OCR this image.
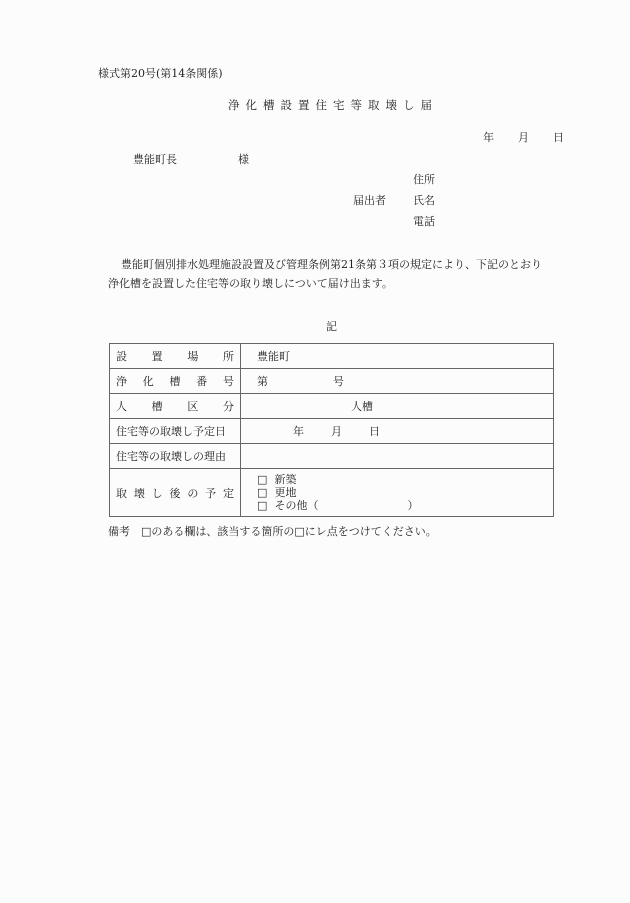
様式第20号(第14条関係)
浄化槽設置住宅等取壊し届
年 月 日
豊能町長	様
住所
届出者 氏名
電話
豊能町個別排水処理施設設置及び管理条例第21条第３項の規定により、下記のとおり
浄化槽を設置した住宅等の取り壊しについて届け出ます。
記
設 置 場 所	豊能町

浄 化 槽 番 号	第 号

人 槽 区 分	人槽
住宅等の取壊し予定日	年 月 日
住宅等の取壊しの理由	

取 壊 し 後 の 予 定

□ 新築
□ 更地
□ その他（	）
備考　□のある欄は、該当する箇所の□にレ点をつけてください。
